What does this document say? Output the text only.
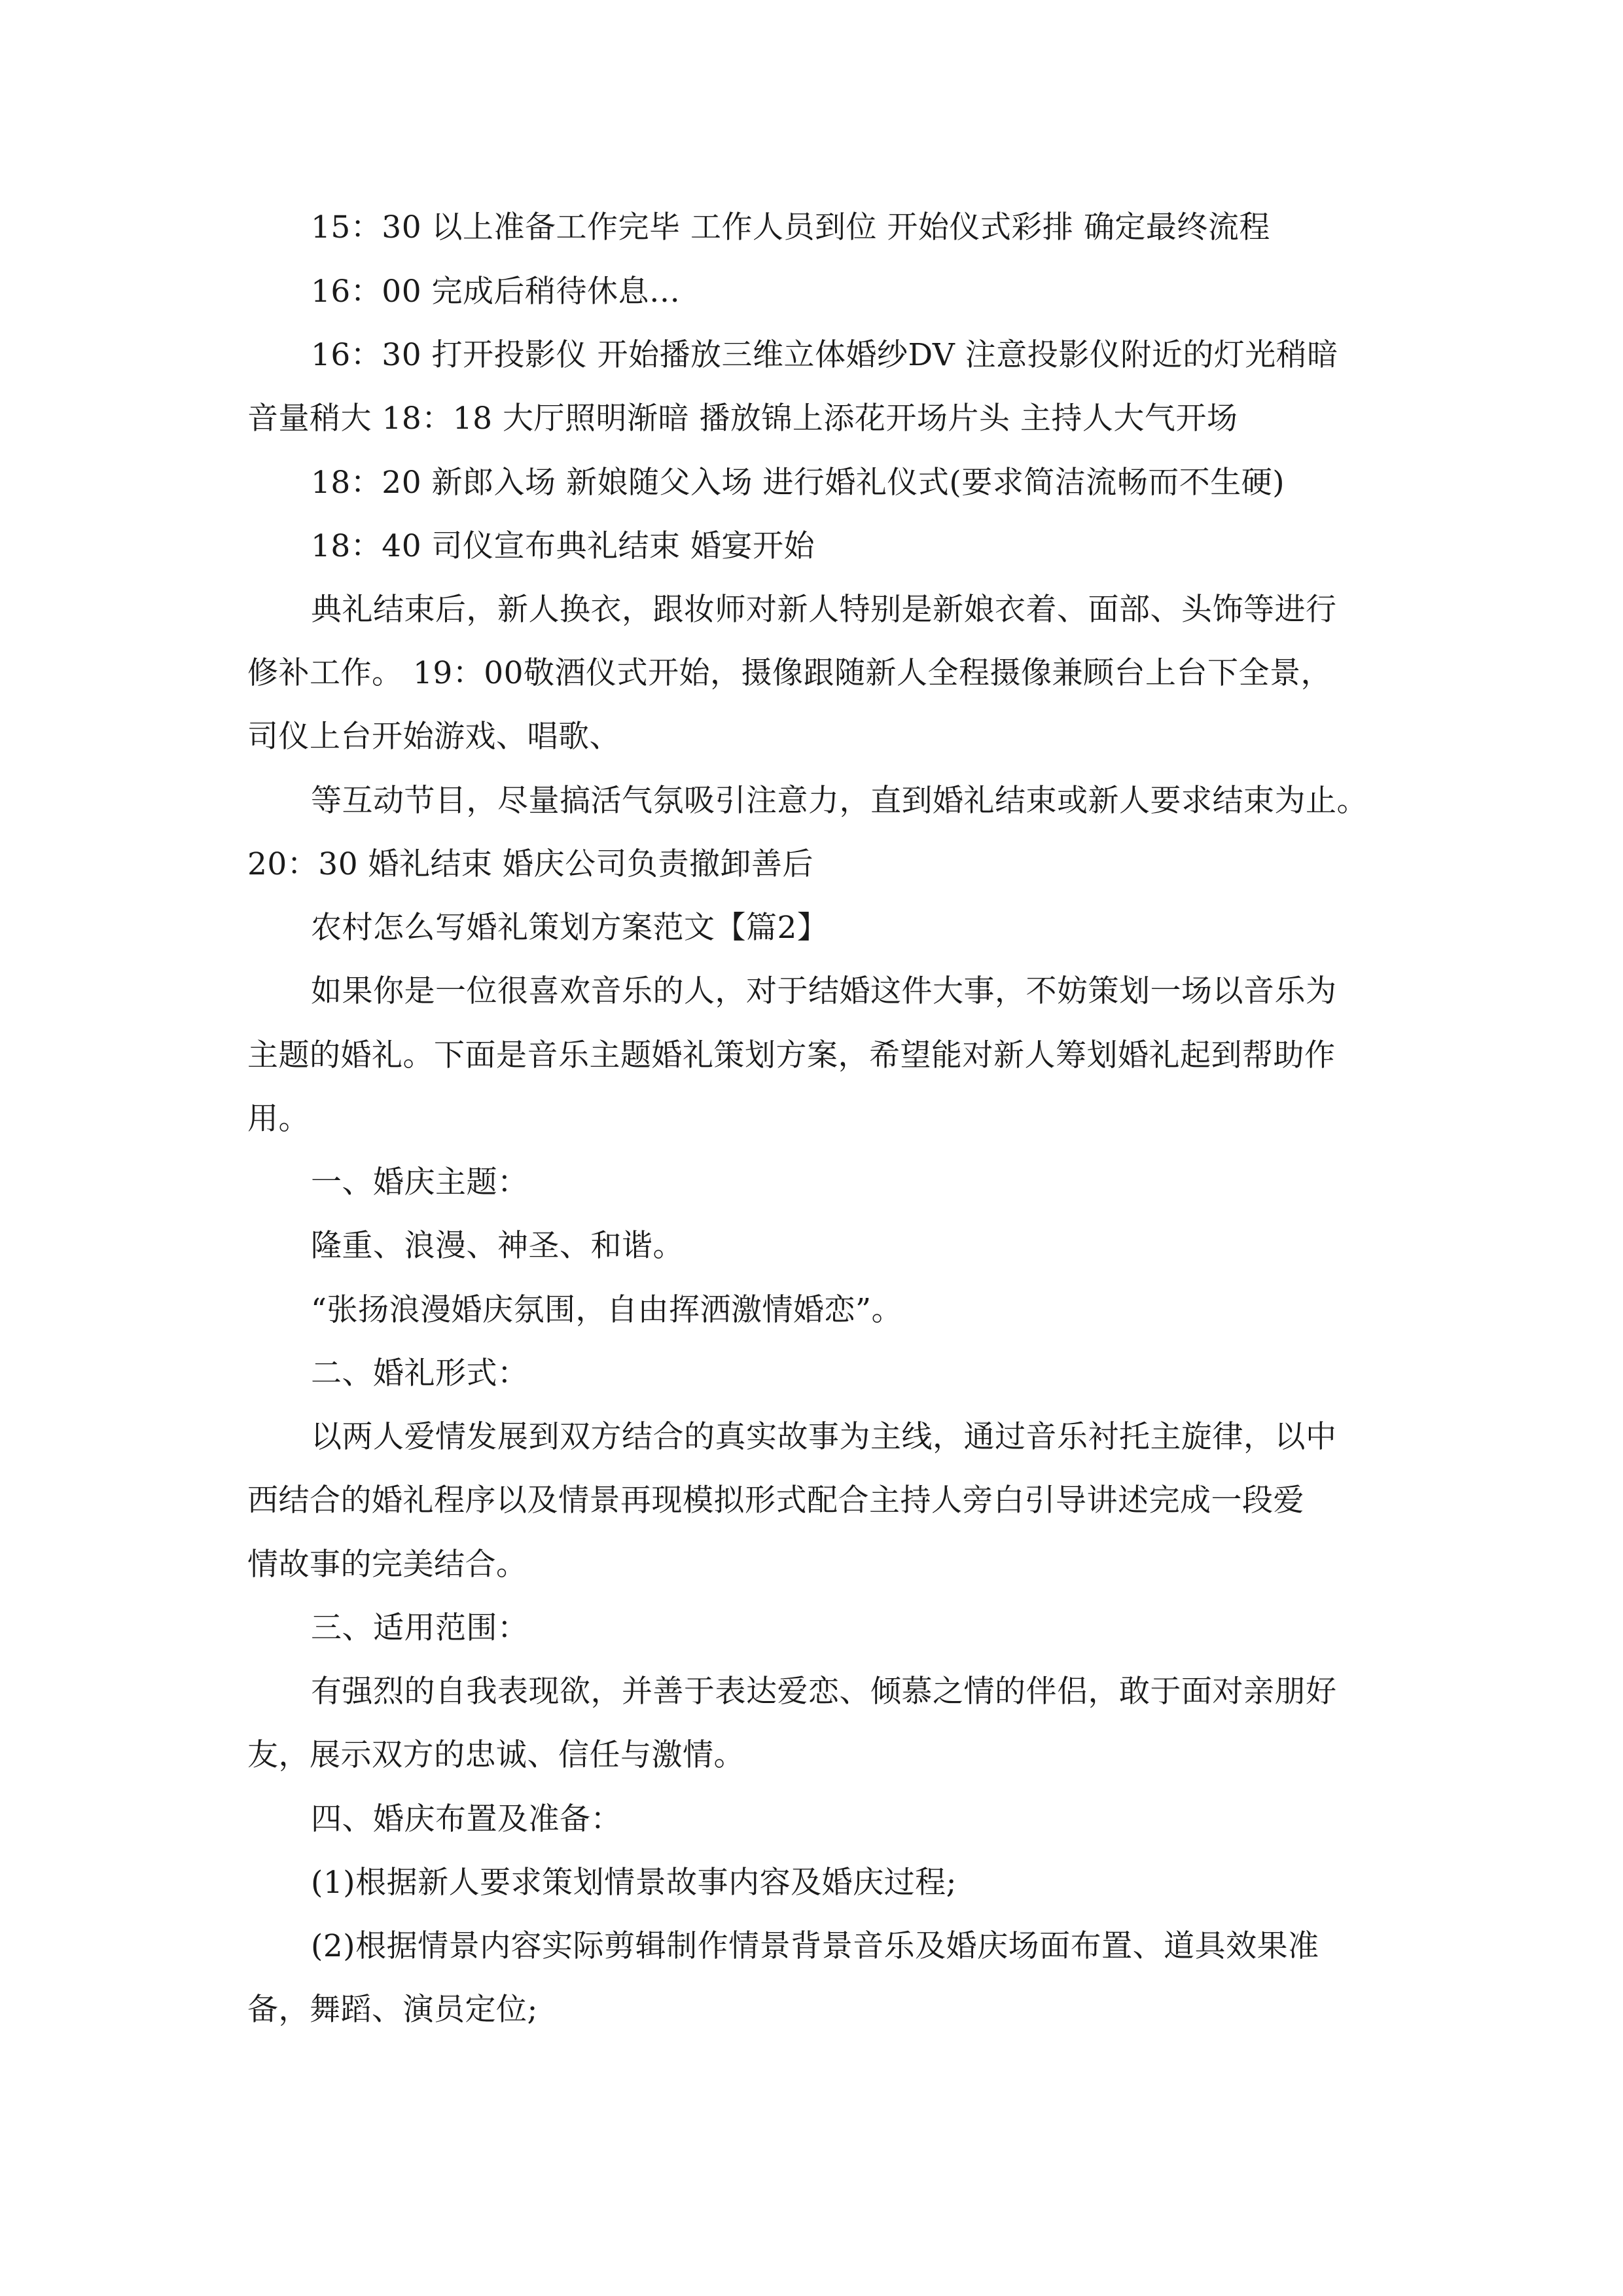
15：30 以上准备工作完毕 工作人员到位 开始仪式彩排 确定最终流程
16：00 完成后稍待休息…
16：30 打开投影仪 开始播放三维立体婚纱DV 注意投影仪附近的灯光稍暗
音量稍大 18：18 大厅照明渐暗 播放锦上添花开场片头 主持人大气开场
18：20 新郎入场 新娘随父入场 进行婚礼仪式(要求简洁流畅而不生硬)
18：40 司仪宣布典礼结束 婚宴开始
典礼结束后，新人换衣，跟妆师对新人特别是新娘衣着、面部、头饰等进行
修补工作。 19：00敬酒仪式开始，摄像跟随新人全程摄像兼顾台上台下全景，
司仪上台开始游戏、唱歌、
等互动节目，尽量搞活气氛吸引注意力，直到婚礼结束或新人要求结束为止。
20：30 婚礼结束 婚庆公司负责撤卸善后
农村怎么写婚礼策划方案范文【篇2】
如果你是一位很喜欢音乐的人，对于结婚这件大事，不妨策划一场以音乐为
主题的婚礼。下面是音乐主题婚礼策划方案，希望能对新人筹划婚礼起到帮助作
用。
一、婚庆主题：
隆重、浪漫、神圣、和谐。
“张扬浪漫婚庆氛围，自由挥洒激情婚恋”。
二、婚礼形式：
以两人爱情发展到双方结合的真实故事为主线，通过音乐衬托主旋律，以中
西结合的婚礼程序以及情景再现模拟形式配合主持人旁白引导讲述完成一段爱
情故事的完美结合。
三、适用范围：
有强烈的自我表现欲，并善于表达爱恋、倾慕之情的伴侣，敢于面对亲朋好
友，展示双方的忠诚、信任与激情。
四、婚庆布置及准备：
(1)根据新人要求策划情景故事内容及婚庆过程;
(2)根据情景内容实际剪辑制作情景背景音乐及婚庆场面布置、道具效果准
备，舞蹈、演员定位;
